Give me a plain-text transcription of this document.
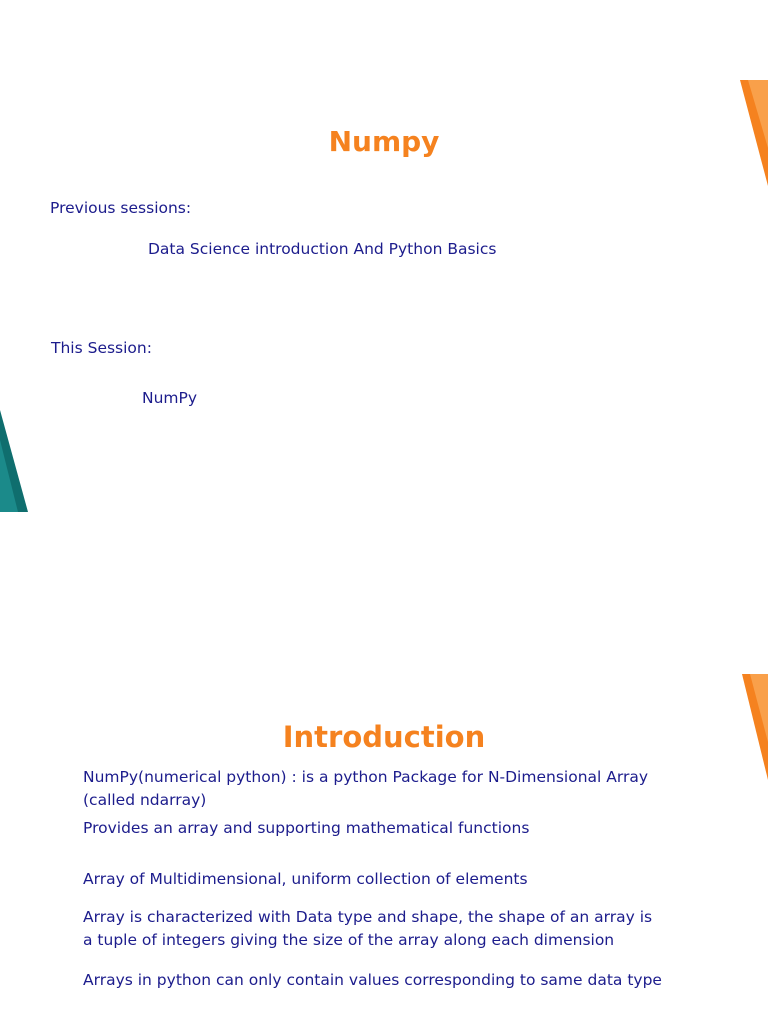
Numpy
Previous sessions:
Data Science introduction And Python Basics
This Session:
NumPy
Introduction
NumPy(numerical python) : is a python Package for N-Dimensional Array (called ndarray)
Provides an array and supporting mathematical functions
Array of Multidimensional, uniform collection of elements
Array is characterized with Data type and shape, the shape of an array is a tuple of integers giving the size of the array along each dimension
Arrays in python can only contain values corresponding to same data type
